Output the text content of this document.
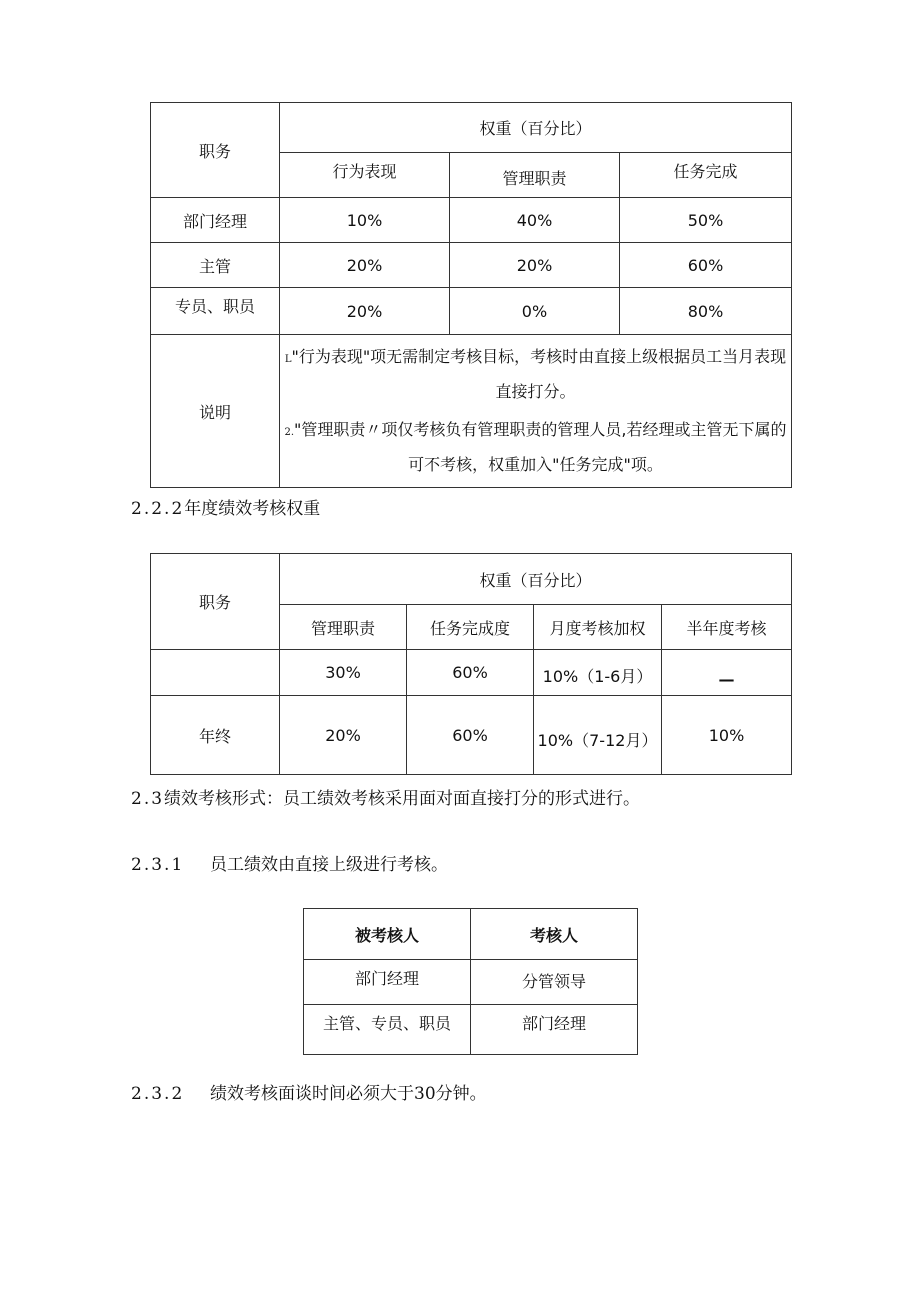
职务	权重（百分比）		
	行为表现	管理职责	任务完成
部门经理	10%	40%	50%
主管	20%	20%	60%
专员、职员	20%	0%	80%
说明	L"行为表现"项无需制定考核目标，考核时由直接上级根据员工当月表现直接打分。
2."管理职责〃项仅考核负有管理职责的管理人员,若经理或主管无下属的可不考核，权重加入"任务完成"项。		
2.2.2年度绩效考核权重
职务	权重（百分比）			
	管理职责	任务完成度	月度考核加权	半年度考核
	30%	60%	10%（1-6月）	—
年终	20%	60%	10%（7-12月）	10%
2.3绩效考核形式：员工绩效考核采用面对面直接打分的形式进行。
2.3.1 员工绩效由直接上级进行考核。
被考核人	考核人
部门经理	分管领导
主管、专员、职员	部门经理
2.3.2 绩效考核面谈时间必须大于30分钟。
